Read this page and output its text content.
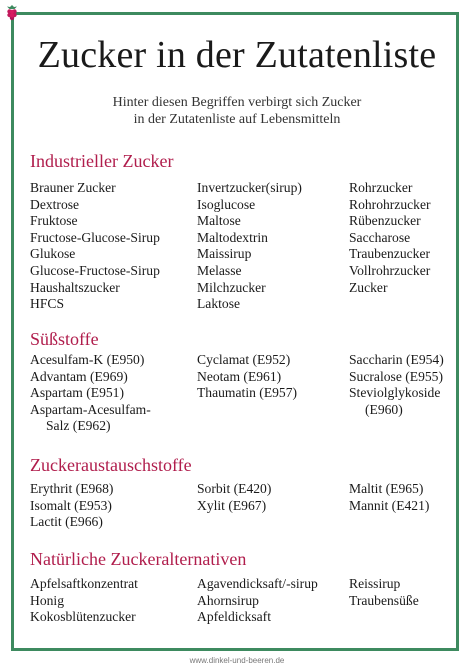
Zucker in der Zutatenliste
Hinter diesen Begriffen verbirgt sich Zucker
in der Zutatenliste auf Lebensmitteln
Industrieller Zucker
Brauner Zucker
Dextrose
Fruktose
Fructose-Glucose-Sirup
Glukose
Glucose-Fructose-Sirup
Haushaltszucker
HFCS
Invertzucker(sirup)
Isoglucose
Maltose
Maltodextrin
Maissirup
Melasse
Milchzucker
Laktose
Rohrzucker
Rohrohrzucker
Rübenzucker
Saccharose
Traubenzucker
Vollrohrzucker
Zucker
Süßstoffe
Acesulfam-K (E950)
Advantam (E969)
Aspartam (E951)
Aspartam-Acesulfam-
Salz (E962)
Cyclamat (E952)
Neotam (E961)
Thaumatin (E957)
Saccharin (E954)
Sucralose (E955)
Steviolglykoside
(E960)
Zuckeraustauschstoffe
Erythrit (E968)
Isomalt (E953)
Lactit (E966)
Sorbit (E420)
Xylit (E967)
Maltit (E965)
Mannit (E421)
Natürliche Zuckeralternativen
Apfelsaftkonzentrat
Honig
Kokosblütenzucker
Agavendicksaft/-sirup
Ahornsirup
Apfeldicksaft
Reissirup
Traubensüße
www.dinkel-und-beeren.de
